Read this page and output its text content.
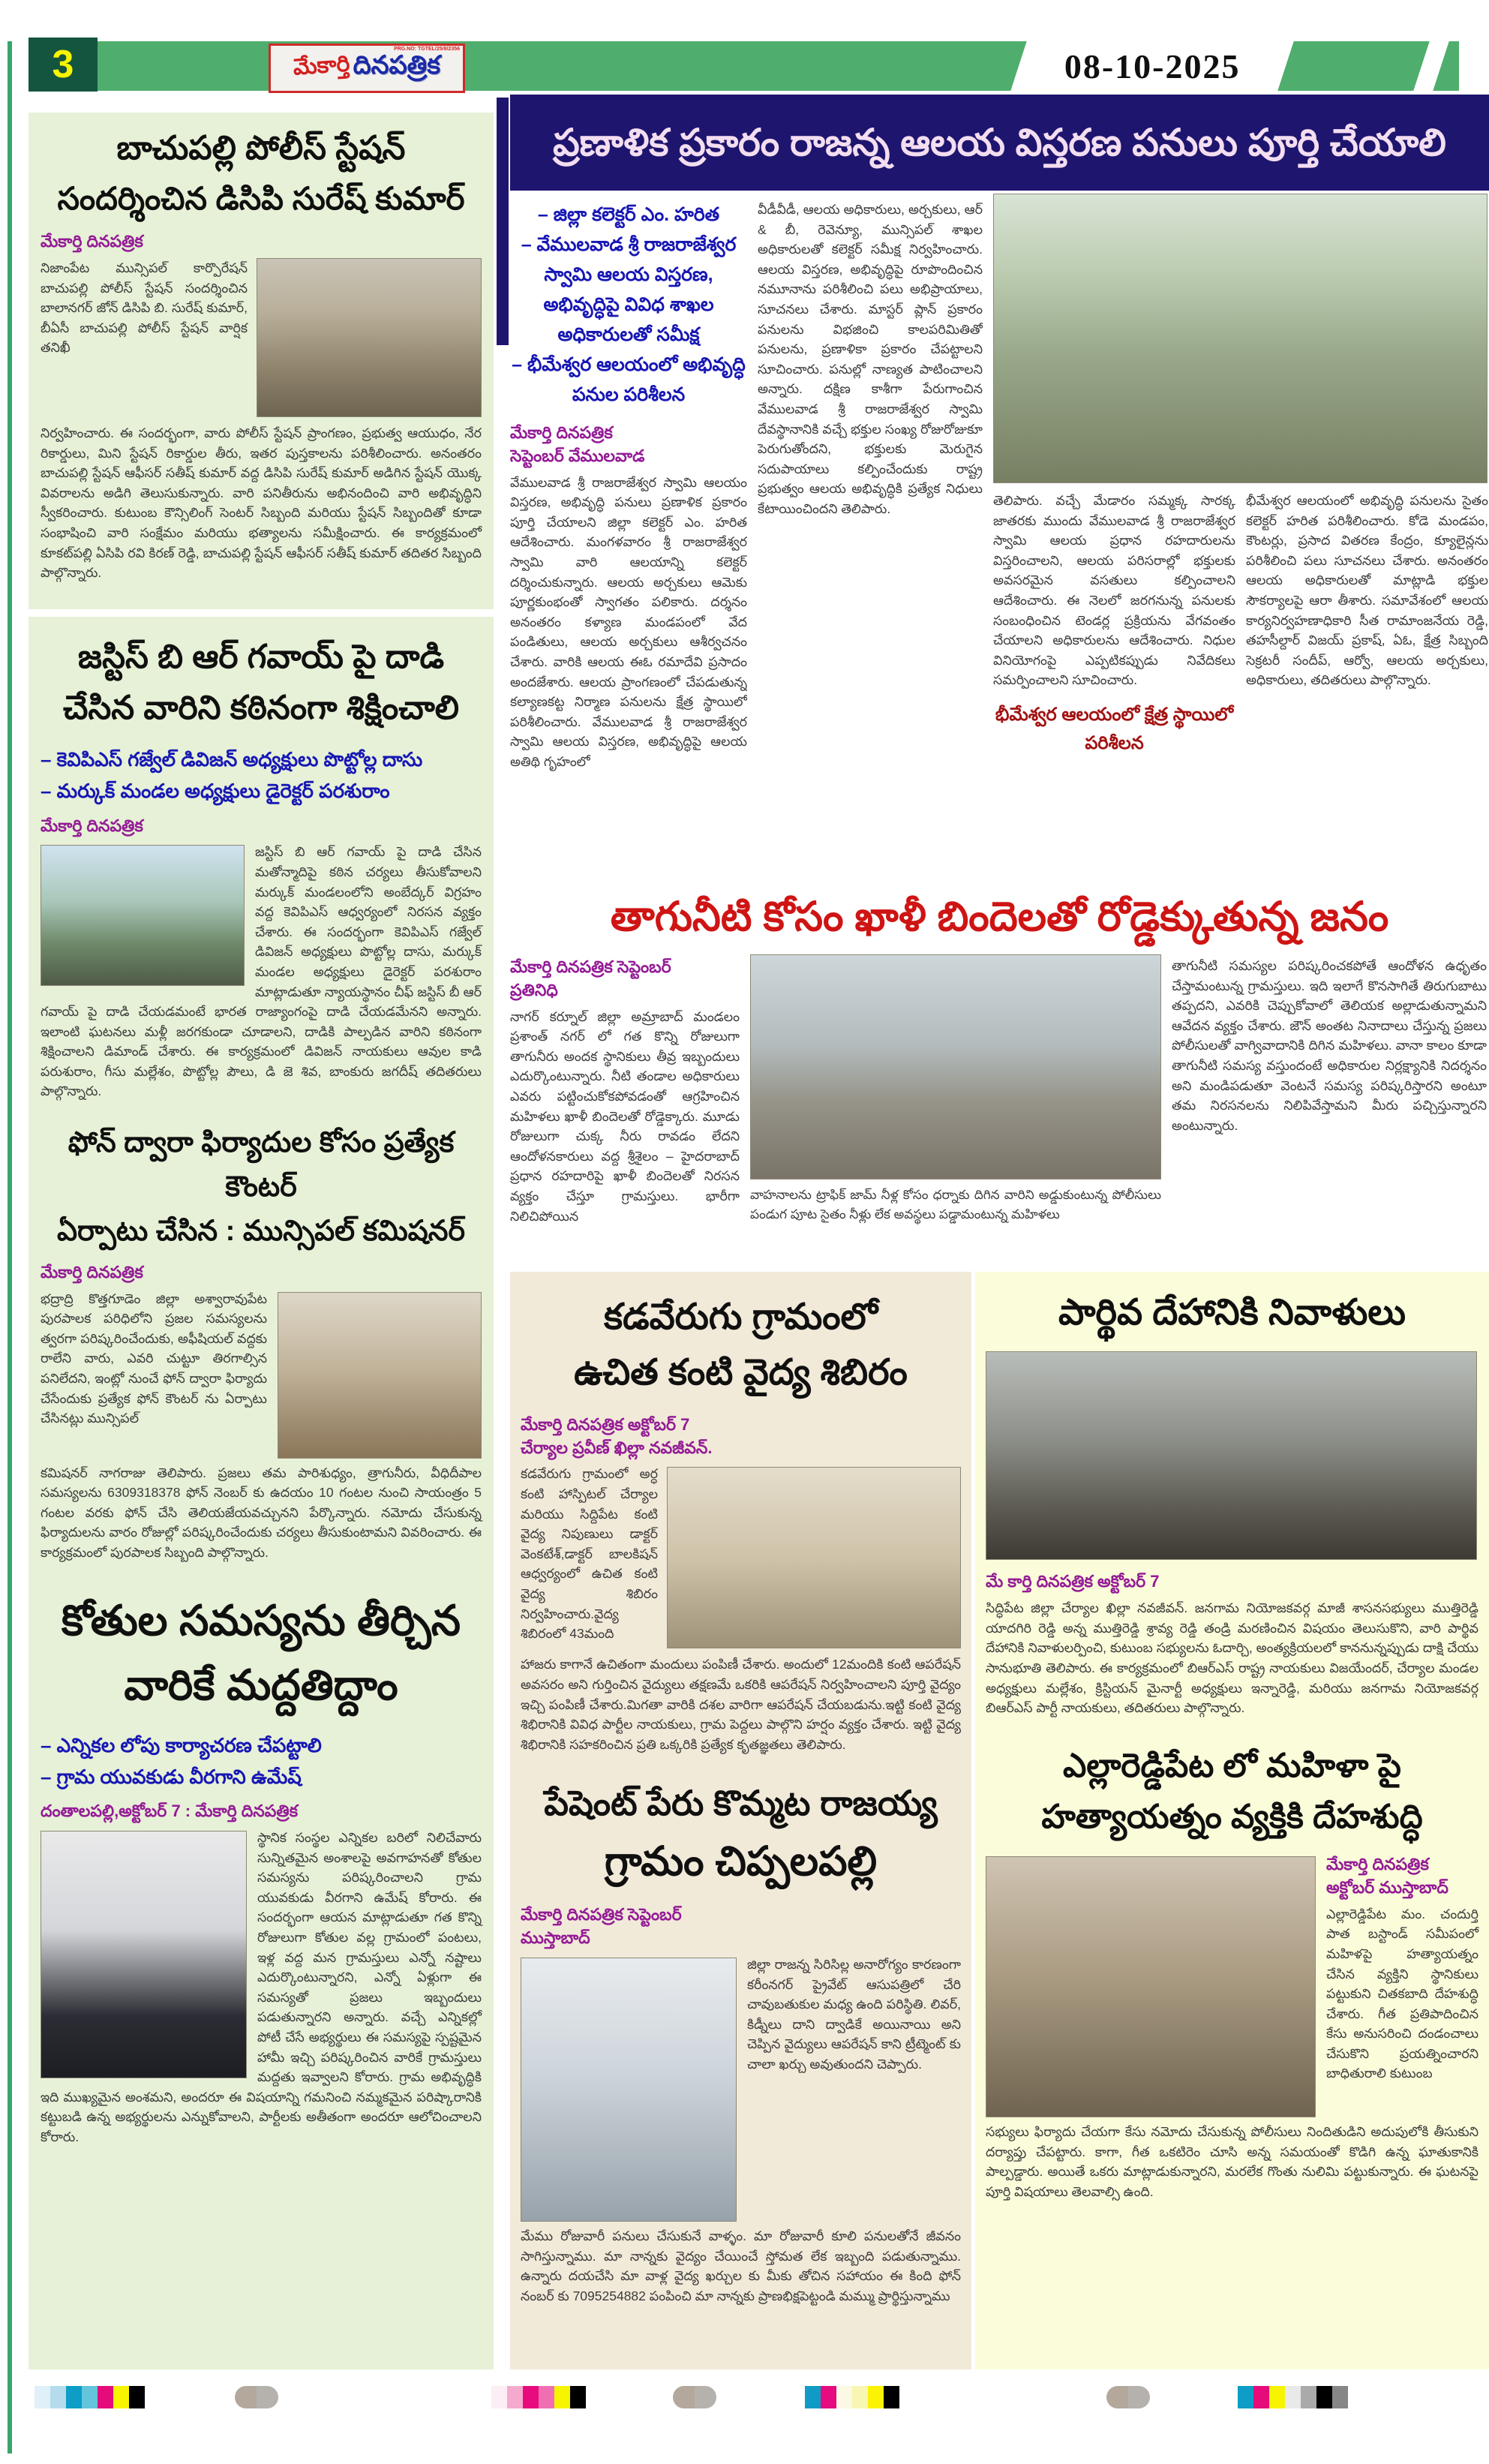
3	08-10-2025
PRG.NO: TGTEL/25/8/2356
మేకార్తి దినపత్రిక
బాచుపల్లి పోలీస్ స్టేషన్
సందర్శించిన డిసిపి సురేష్ కుమార్
మేకార్తి దినపత్రిక
నిజాంపేట మున్సిపల్ కార్పొరేషన్ బాచుపల్లి పోలీస్ స్టేషన్ సందర్శించిన బాలానగర్ జోన్ డిసిపి బి. సురేష్ కుమార్, బీఏసీ బాచుపల్లి పోలీస్ స్టేషన్ వార్షిక తనిఖీ
నిర్వహించారు. ఈ సందర్భంగా, వారు పోలీస్ స్టేషన్ ప్రాంగణం, ప్రభుత్వ ఆయుధం, నేర రికార్డులు, మిని స్టేషన్ రికార్డుల తీరు, ఇతర పుస్తకాలను పరిశీలించారు. అనంతరం బాచుపల్లి స్టేషన్ ఆఫీసర్ సతీష్ కుమార్ వద్ద డిసిపి సురేష్ కుమార్ అడిగిన స్టేషన్ యొక్క వివరాలను అడిగి తెలుసుకున్నారు. వారి పనితీరును అభినందించి వారి అభివృద్ధిని స్వీకరించారు. కుటుంబ కౌన్సిలింగ్ సెంటర్ సిబ్బంది మరియు స్టేషన్ సిబ్బందితో కూడా సంభాషించి వారి సంక్షేమం మరియు భత్యాలను సమీక్షించారు. ఈ కార్యక్రమంలో కూకట్‌పల్లి ఏసిపి రవి కిరణ్ రెడ్డి, బాచుపల్లి స్టేషన్ ఆఫీసర్ సతీష్ కుమార్ తదితర సిబ్బంది పాల్గొన్నారు.
జస్టిస్ బి ఆర్ గవాయ్ పై దాడి
చేసిన వారిని కఠినంగా శిక్షించాలి
– కెవిపిఎస్ గజ్వేల్ డివిజన్ అధ్యక్షులు పొట్టోల్ల దాసు
– మర్కుక్ మండల అధ్యక్షులు డైరెక్టర్ పరశురాం
మేకార్తి దినపత్రిక
జస్టిస్ బి ఆర్ గవాయ్ పై దాడి చేసిన మతోన్మాదిపై కఠిన చర్యలు తీసుకోవాలని మర్కుక్ మండలంలోని అంబేద్కర్ విగ్రహం వద్ద కెవిపిఎస్ ఆధ్వర్యంలో నిరసన వ్యక్తం చేశారు. ఈ సందర్భంగా కెవిపిఎస్ గజ్వేల్ డివిజన్ అధ్యక్షులు పొట్టోల్ల దాసు, మర్కుక్ మండల అధ్యక్షులు డైరెక్టర్ పరశురాం మాట్లాడుతూ న్యాయస్థానం చీఫ్ జస్టిస్ బీ ఆర్ గవాయ్ పై దాడి చేయడమంటే భారత రాజ్యాంగంపై దాడి చేయడమేనని అన్నారు. ఇలాంటి ఘటనలు మళ్లీ జరగకుండా చూడాలని, దాడికి పాల్పడిన వారిని కఠినంగా శిక్షించాలని డిమాండ్ చేశారు. ఈ కార్యక్రమంలో డివిజన్ నాయకులు ఆవుల కాడి పరుశురాం, గీసు మల్లేశం, పొట్టోల్ల పౌలు, డి జె శివ, బాంకురు జగదీష్ తదితరులు పాల్గొన్నారు.
ఫోన్ ద్వారా ఫిర్యాదుల కోసం ప్రత్యేక కౌంటర్
ఏర్పాటు చేసిన : మున్సిపల్ కమిషనర్
మేకార్తి దినపత్రిక
భద్రాద్రి కొత్తగూడెం జిల్లా అశ్వారావుపేట పురపాలక పరిధిలోని ప్రజల సమస్యలను త్వరగా పరిష్కరించేందుకు, అఫీషియల్ వద్దకు రాలేని వారు, ఎవరి చుట్టూ తిరగాల్సిన పనిలేదని, ఇంట్లో నుంచే ఫోన్ ద్వారా ఫిర్యాదు చేసేందుకు ప్రత్యేక ఫోన్ కౌంటర్ ను ఏర్పాటు చేసినట్లు మున్సిపల్
కమిషనర్ నాగరాజు తెలిపారు. ప్రజలు తమ పారిశుధ్యం, త్రాగునీరు, వీధిదీపాల సమస్యలను 6309318378 ఫోన్ నెంబర్ కు ఉదయం 10 గంటల నుంచి సాయంత్రం 5 గంటల వరకు ఫోన్ చేసి తెలియజేయవచ్చునని పేర్కొన్నారు. నమోదు చేసుకున్న ఫిర్యాదులను వారం రోజుల్లో పరిష్కరించేందుకు చర్యలు తీసుకుంటామని వివరించారు. ఈ కార్యక్రమంలో పురపాలక సిబ్బంది పాల్గొన్నారు.
కోతుల సమస్యను తీర్చిన
వారికే మద్దతిద్దాం
– ఎన్నికల లోపు కార్యాచరణ చేపట్టాలి
– గ్రామ యువకుడు వీరగాని ఉమేష్
దంతాలపల్లి,అక్టోబర్ 7 : మేకార్తి దినపత్రిక
స్థానిక సంస్థల ఎన్నికల బరిలో నిలిచేవారు సున్నితమైన అంశాలపై అవగాహనతో కోతుల సమస్యను పరిష్కరించాలని గ్రామ యువకుడు వీరగాని ఉమేష్ కోరారు. ఈ సందర్భంగా ఆయన మాట్లాడుతూ గత కొన్ని రోజులుగా కోతుల వల్ల గ్రామంలో పంటలు, ఇళ్ల వద్ద మన గ్రామస్తులు ఎన్నో నష్టాలు ఎదుర్కొంటున్నారని, ఎన్నో ఏళ్లుగా ఈ సమస్యతో ప్రజలు ఇబ్బందులు పడుతున్నారని అన్నారు. వచ్చే ఎన్నికల్లో పోటీ చేసే అభ్యర్థులు ఈ సమస్యపై స్పష్టమైన హామీ ఇచ్చి పరిష్కరించిన వారికే గ్రామస్తులు మద్దతు ఇవ్వాలని కోరారు. గ్రామ అభివృద్ధికి ఇది ముఖ్యమైన అంశమని, అందరూ ఈ విషయాన్ని గమనించి నమ్మకమైన పరిష్కారానికి కట్టుబడి ఉన్న అభ్యర్థులను ఎన్నుకోవాలని, పార్టీలకు అతీతంగా అందరూ ఆలోచించాలని కోరారు.
ప్రణాళిక ప్రకారం రాజన్న ఆలయ విస్తరణ పనులు పూర్తి చేయాలి
– జిల్లా కలెక్టర్ ఎం. హరిత
– వేములవాడ శ్రీ రాజరాజేశ్వర స్వామి ఆలయ విస్తరణ, అభివృద్ధిపై వివిధ శాఖల అధికారులతో సమీక్ష
– భీమేశ్వర ఆలయంలో అభివృద్ధి పనుల పరిశీలన
మేకార్తి దినపత్రిక
సెప్టెంబర్ వేములవాడ
వేములవాడ శ్రీ రాజరాజేశ్వర స్వామి ఆలయం విస్తరణ, అభివృద్ధి పనులు ప్రణాళిక ప్రకారం పూర్తి చేయాలని జిల్లా కలెక్టర్ ఎం. హరిత ఆదేశించారు. మంగళవారం శ్రీ రాజరాజేశ్వర స్వామి వారి ఆలయాన్ని కలెక్టర్ దర్శించుకున్నారు. ఆలయ అర్చకులు ఆమెకు పూర్ణకుంభంతో స్వాగతం పలికారు. దర్శనం అనంతరం కళ్యాణ మండపంలో వేద పండితులు, ఆలయ అర్చకులు ఆశీర్వచనం చేశారు. వారికి ఆలయ ఈఓ రమాదేవి ప్రసాదం అందజేశారు. ఆలయ ప్రాంగణంలో చేపడుతున్న కల్యాణకట్ట నిర్మాణ పనులను క్షేత్ర స్థాయిలో పరిశీలించారు. వేములవాడ శ్రీ రాజరాజేశ్వర స్వామి ఆలయ విస్తరణ, అభివృద్ధిపై ఆలయ అతిథి గృహంలో
వీడీవీడీ, ఆలయ అధికారులు, అర్చకులు, ఆర్ & బీ, రెవెన్యూ, మున్సిపల్ శాఖల అధికారులతో కలెక్టర్ సమీక్ష నిర్వహించారు. ఆలయ విస్తరణ, అభివృద్ధిపై రూపొందించిన నమూనాను పరిశీలించి పలు అభిప్రాయాలు, సూచనలు చేశారు. మాస్టర్ ప్లాన్ ప్రకారం పనులను విభజించి కాలపరిమితితో పనులను, ప్రణాళికా ప్రకారం చేపట్టాలని సూచించారు. పనుల్లో నాణ్యత పాటించాలని అన్నారు. దక్షిణ కాశీగా పేరుగాంచిన వేములవాడ శ్రీ రాజరాజేశ్వర స్వామి దేవస్థానానికి వచ్చే భక్తుల సంఖ్య రోజురోజుకూ పెరుగుతోందని, భక్తులకు మెరుగైన సదుపాయాలు కల్పించేందుకు రాష్ట్ర ప్రభుత్వం ఆలయ అభివృద్ధికి ప్రత్యేక నిధులు కేటాయించిందని తెలిపారు.
తెలిపారు. వచ్చే మేడారం సమ్మక్క సారక్క జాతరకు ముందు వేములవాడ శ్రీ రాజరాజేశ్వర స్వామి ఆలయ ప్రధాన రహదారులను విస్తరించాలని, ఆలయ పరిసరాల్లో భక్తులకు అవసరమైన వసతులు కల్పించాలని ఆదేశించారు. ఈ నెలలో జరగనున్న పనులకు సంబంధించిన టెండర్ల ప్రక్రియను వేగవంతం చేయాలని అధికారులను ఆదేశించారు. నిధుల వినియోగంపై ఎప్పటికప్పుడు నివేదికలు సమర్పించాలని సూచించారు.
భీమేశ్వర ఆలయంలో క్షేత్ర స్థాయిలో పరిశీలన
భీమేశ్వర ఆలయంలో అభివృద్ధి పనులను సైతం కలెక్టర్ హరిత పరిశీలించారు. కోడె మండపం, కౌంటర్లు, ప్రసాద వితరణ కేంద్రం, క్యూలైన్లను పరిశీలించి పలు సూచనలు చేశారు. అనంతరం ఆలయ అధికారులతో మాట్లాడి భక్తుల సౌకర్యాలపై ఆరా తీశారు. సమావేశంలో ఆలయ కార్యనిర్వహణాధికారి సీత రామాంజనేయ రెడ్డి, తహసీల్దార్ విజయ్ ప్రకాష్, ఏఓ, క్షేత్ర సిబ్బంది సెక్రటరీ సందీప్, ఆర్వో, ఆలయ అర్చకులు, అధికారులు, తదితరులు పాల్గొన్నారు.
తాగునీటి కోసం ఖాళీ బిందెలతో రోడ్డెక్కుతున్న జనం
మేకార్తి దినపత్రిక సెప్టెంబర్
ప్రతినిధి
నాగర్ కర్నూల్ జిల్లా అమ్రాబాద్ మండలం ప్రశాంత్ నగర్ లో గత కొన్ని రోజులుగా తాగునీరు అందక స్థానికులు తీవ్ర ఇబ్బందులు ఎదుర్కొంటున్నారు. నీటి తండాల అధికారులు ఎవరు పట్టించుకోకపోవడంతో ఆగ్రహించిన మహిళలు ఖాళీ బిందెలతో రోడ్డెక్కారు. మూడు రోజులుగా చుక్క నీరు రావడం లేదని ఆందోళనకారులు వద్ద శ్రీశైలం – హైదరాబాద్ ప్రధాన రహదారిపై ఖాళీ బిందెలతో నిరసన వ్యక్తం చేస్తూ గ్రామస్తులు. భారీగా నిలిచిపోయిన
వాహనాలను ట్రాఫిక్ జామ్ నీళ్ల కోసం ధర్నాకు దిగిన వారిని అడ్డుకుంటున్న పోలీసులు పండుగ పూట సైతం నీళ్లు లేక అవస్థలు పడ్డామంటున్న మహిళలు
తాగునీటి సమస్యల పరిష్కరించకపోతే ఆందోళన ఉధృతం చేస్తామంటున్న గ్రామస్తులు. ఇది ఇలాగే కొనసాగితే తిరుగుబాటు తప్పదని, ఎవరికి చెప్పుకోవాలో తెలియక అల్లాడుతున్నామని ఆవేదన వ్యక్తం చేశారు. జౌన్ అంతట నినాదాలు చేస్తున్న ప్రజలు పోలీసులతో వాగ్వివాదానికి దిగిన మహిళలు. వానా కాలం కూడా తాగునీటి సమస్య వస్తుందంటే అధికారుల నిర్లక్ష్యానికి నిదర్శనం అని మండిపడుతూ వెంటనే సమస్య పరిష్కరిస్తారని అంటూ తమ నిరసనలను నిలిపివేస్తామని మీరు పచ్చిస్తున్నారని అంటున్నారు.
కడవేరుగు గ్రామంలో
ఉచిత కంటి వైద్య శిబిరం
మేకార్తి దినపత్రిక అక్టోబర్ 7
చేర్యాల ప్రవీణ్ ఖిల్లా నవజీవన్.
కడవేరుగు గ్రామంలో అర్ధ కంటి హాస్పిటల్ చేర్యాల మరియు సిద్దిపేట కంటి వైద్య నిపుణులు డాక్టర్ వెంకటేశ్,డాక్టర్ బాలకిషన్ ఆధ్వర్యంలో ఉచిత కంటి వైద్య శిబిరం నిర్వహించారు.వైద్య శిబిరంలో 43మంది
హాజరు కాగానే ఉచితంగా మందులు పంపిణీ చేశారు. అందులో 12మందికి కంటి ఆపరేషన్ అవసరం అని గుర్తించిన వైద్యులు తక్షణమే ఒకరికి ఆపరేషన్ నిర్వహించాలని పూర్తి వైద్యం ఇచ్చి పంపిణీ చేశారు.మిగతా వారికి దశల వారిగా ఆపరేషన్ చేయబడును.ఇట్టి కంటి వైద్య శిభిరానికి వివిధ పార్టీల నాయకులు, గ్రామ పెద్దలు పాల్గొని హర్షం వ్యక్తం చేశారు. ఇట్టి వైద్య శిభిరానికి సహకరించిన ప్రతి ఒక్కరికి ప్రత్యేక కృతజ్ఞతలు తెలిపారు.
పేషెంట్ పేరు కొమ్మట రాజయ్య
గ్రామం చిప్పలపల్లి
మేకార్తి దినపత్రిక సెప్టెంబర్
ముస్తాబాద్
జిల్లా రాజన్న సిరిసిల్ల అనారోగ్యం కారణంగా కరీంనగర్ ప్రైవేట్ ఆసుపత్రిలో చేరి చావుబతుకుల మధ్య ఉంది పరిస్థితి. లివర్, కిడ్నీలు దాని ద్వాడికే అయినాయి అని చెప్పిన వైద్యులు ఆపరేషన్ కాని ట్రీట్మెంట్ కు చాలా ఖర్చు అవుతుందని చెప్పారు.
మేము రోజువారీ పనులు చేసుకునే వాళ్ళం. మా రోజువారీ కూలి పనులతోనే జీవనం సాగిస్తున్నాము. మా నాన్నకు వైద్యం చేయించే స్తోమత లేక ఇబ్బంది పడుతున్నాము. ఉన్నారు దయచేసి మా వాళ్ల వైద్య ఖర్చుల కు మీకు తోచిన సహాయం ఈ కింది ఫోన్ నంబర్ కు 7095254882 పంపించి మా నాన్నకు ప్రాణభిక్షపెట్టండి మమ్ము ప్రార్థిస్తున్నాము
పార్థివ దేహానికి నివాళులు
మే కార్తి దినపత్రిక అక్టోబర్ 7
సిద్ధిపేట జిల్లా చేర్యాల ఖిల్లా నవజీవన్. జనగామ నియోజకవర్గ మాజీ శాసనసభ్యులు ముత్తిరెడ్డి యాదగిరి రెడ్డి అన్న ముత్తిరెడ్డి శ్రావ్య రెడ్డి తండ్రి మరణించిన విషయం తెలుసుకొని, వారి పార్థివ దేహానికి నివాళులర్పించి, కుటుంబ సభ్యులను ఓదార్చి, అంత్యక్రియలలో కాననున్నప్పుడు దాక్షి చేయు సానుభూతి తెలిపారు. ఈ కార్యక్రమంలో బిఆర్ఎస్ రాష్ట్ర నాయకులు విజయేందర్, చేర్యాల మండల అధ్యక్షులు మల్లేశం, క్రిస్టియన్ మైనార్టీ అధ్యక్షులు ఇన్నారెడ్డి, మరియు జనగామ నియోజకవర్గ బిఆర్ఎస్ పార్టీ నాయకులు, తదితరులు పాల్గొన్నారు.
ఎల్లారెడ్డిపేట లో మహిళా పై
హత్యాయత్నం వ్యక్తికి దేహశుద్ధి
మేకార్తి దినపత్రిక అక్టోబర్ ముస్తాబాద్
ఎల్లారెడ్డిపేట మం. చందుర్తి పాత బస్టాండ్ సమీపంలో మహిళపై హత్యాయత్నం చేసిన వ్యక్తిని స్థానికులు పట్టుకుని చితకబాది దేహశుద్ధి చేశారు. గీత ప్రతిపాదించిన కేసు అనుసరించి దండంచాలు చేసుకొని ప్రయత్నించారని బాధితురాలి కుటుంబ
సభ్యులు ఫిర్యాదు చేయగా కేసు నమోదు చేసుకున్న పోలీసులు నిందితుడిని అదుపులోకి తీసుకుని దర్యాప్తు చేపట్టారు. కాగా, గీత ఒకటిరెం చూసి అన్న సమయంతో కొడిగి ఉన్న ఘాతుకానికి పాల్పడ్డారు. అయితే ఒకరు మాట్లాడుకున్నారని, మరలేక గొంతు నులిమి పట్టుకున్నారు. ఈ ఘటనపై పూర్తి విషయాలు తెలవాల్సి ఉంది.
